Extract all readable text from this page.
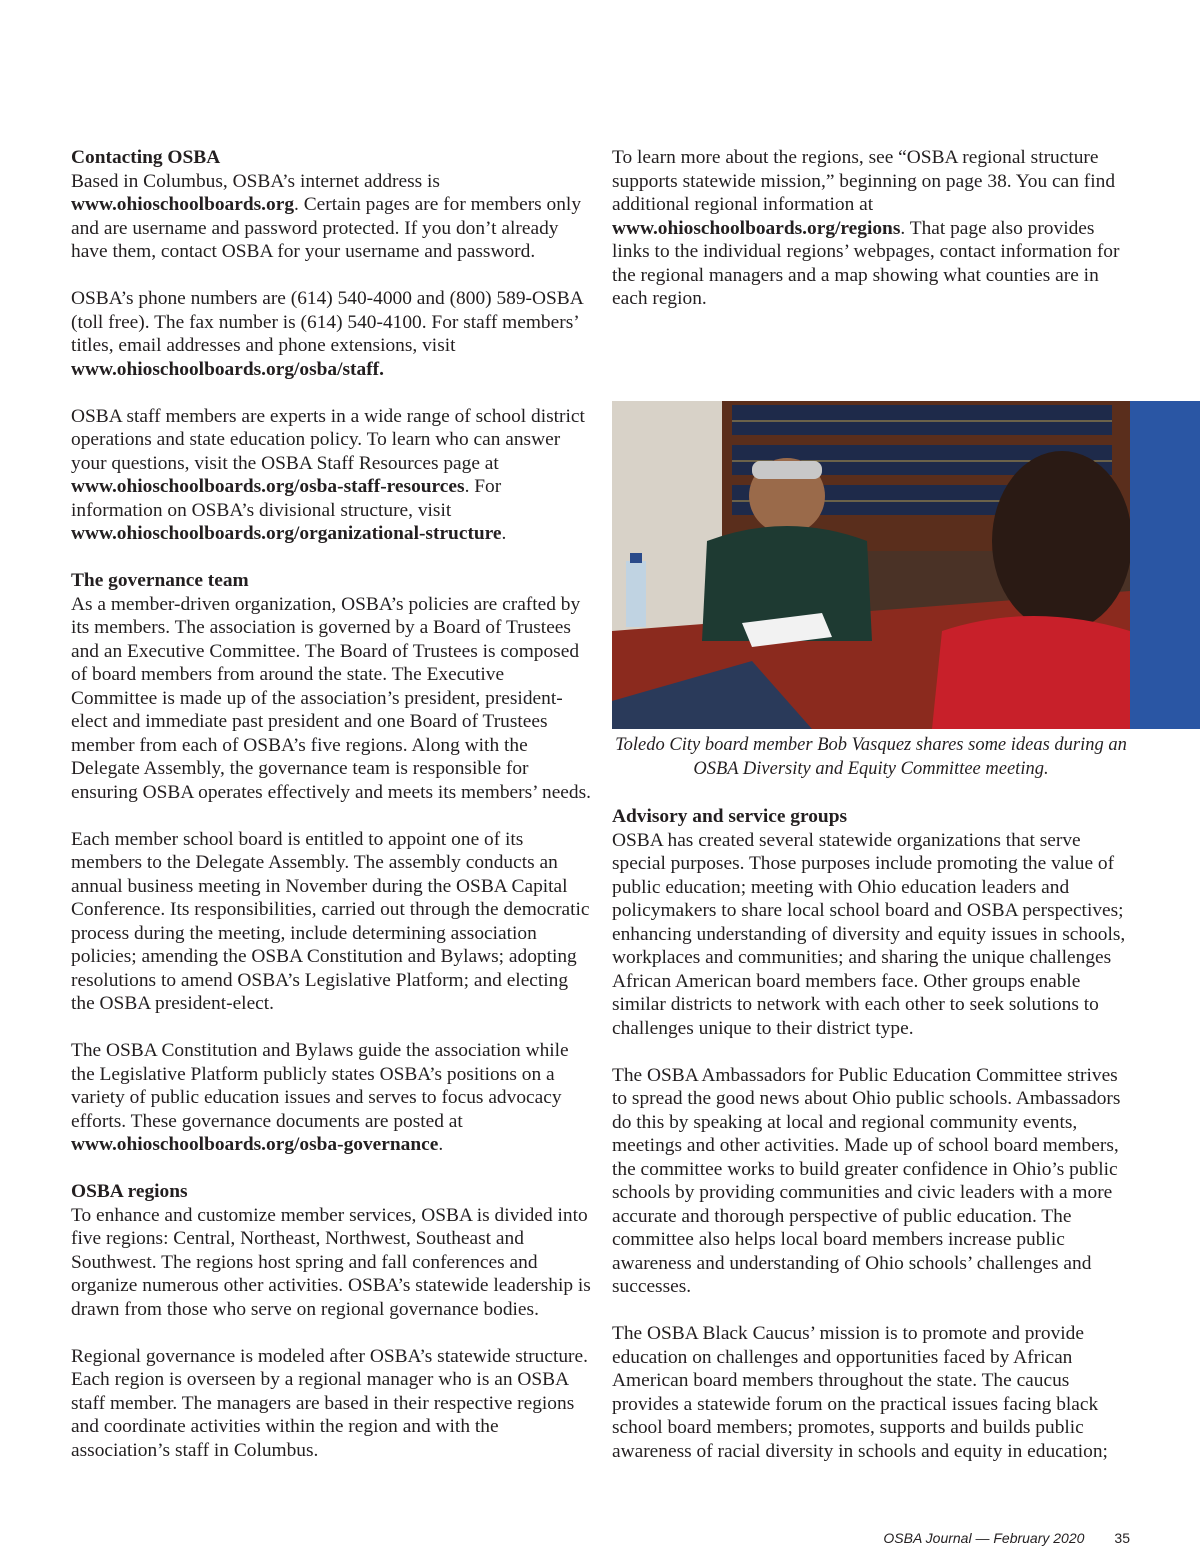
Contacting OSBA

Based in Columbus, OSBA’s internet address is www.ohioschoolboards.org. Certain pages are for members only and are username and password protected. If you don’t already have them, contact OSBA for your username and password.

OSBA’s phone numbers are (614) 540-4000 and (800) 589-OSBA (toll free). The fax number is (614) 540-4100. For staff members’ titles, email addresses and phone extensions, visit www.ohioschoolboards.org/osba/staff.

OSBA staff members are experts in a wide range of school district operations and state education policy. To learn who can answer your questions, visit the OSBA Staff Resources page at www.ohioschoolboards.org/osba-staff-resources. For information on OSBA’s divisional structure, visit www.ohioschoolboards.org/organizational-structure.

The governance team

As a member-driven organization, OSBA’s policies are crafted by its members. The association is governed by a Board of Trustees and an Executive Committee. The Board of Trustees is composed of board members from around the state. The Executive Committee is made up of the association’s president, president-elect and immediate past president and one Board of Trustees member from each of OSBA’s five regions. Along with the Delegate Assembly, the governance team is responsible for ensuring OSBA operates effectively and meets its members’ needs.

Each member school board is entitled to appoint one of its members to the Delegate Assembly. The assembly conducts an annual business meeting in November during the OSBA Capital Conference. Its responsibilities, carried out through the democratic process during the meeting, include determining association policies; amending the OSBA Constitution and Bylaws; adopting resolutions to amend OSBA’s Legislative Platform; and electing the OSBA president-elect.

The OSBA Constitution and Bylaws guide the association while the Legislative Platform publicly states OSBA’s positions on a variety of public education issues and serves to focus advocacy efforts. These governance documents are posted at www.ohioschoolboards.org/osba-governance.

OSBA regions

To enhance and customize member services, OSBA is divided into five regions: Central, Northeast, Northwest, Southeast and Southwest. The regions host spring and fall conferences and organize numerous other activities. OSBA’s statewide leadership is drawn from those who serve on regional governance bodies.

Regional governance is modeled after OSBA’s statewide structure. Each region is overseen by a regional manager who is an OSBA staff member. The managers are based in their respective regions and coordinate activities within the region and with the association’s staff in Columbus.

To learn more about the regions, see “OSBA regional structure supports statewide mission,” beginning on page 38. You can find additional regional information at www.ohioschoolboards.org/regions. That page also provides links to the individual regions’ webpages, contact information for the regional managers and a map showing what counties are in each region.

Toledo City board member Bob Vasquez shares some ideas during an OSBA Diversity and Equity Committee meeting.
Advisory and service groups

OSBA has created several statewide organizations that serve special purposes. Those purposes include promoting the value of public education; meeting with Ohio education leaders and policymakers to share local school board and OSBA perspectives; enhancing understanding of diversity and equity issues in schools, workplaces and communities; and sharing the unique challenges African American board members face. Other groups enable similar districts to network with each other to seek solutions to challenges unique to their district type.

The OSBA Ambassadors for Public Education Committee strives to spread the good news about Ohio public schools. Ambassadors do this by speaking at local and regional community events, meetings and other activities. Made up of school board members, the committee works to build greater confidence in Ohio’s public schools by providing communities and civic leaders with a more accurate and thorough perspective of public education. The committee also helps local board members increase public awareness and understanding of Ohio schools’ challenges and successes.

The OSBA Black Caucus’ mission is to promote and provide education on challenges and opportunities faced by African American board members throughout the state. The caucus provides a statewide forum on the practical issues facing black school board members; promotes, supports and builds public awareness of racial diversity in schools and equity in education;

OSBA Journal — February 2020 35
